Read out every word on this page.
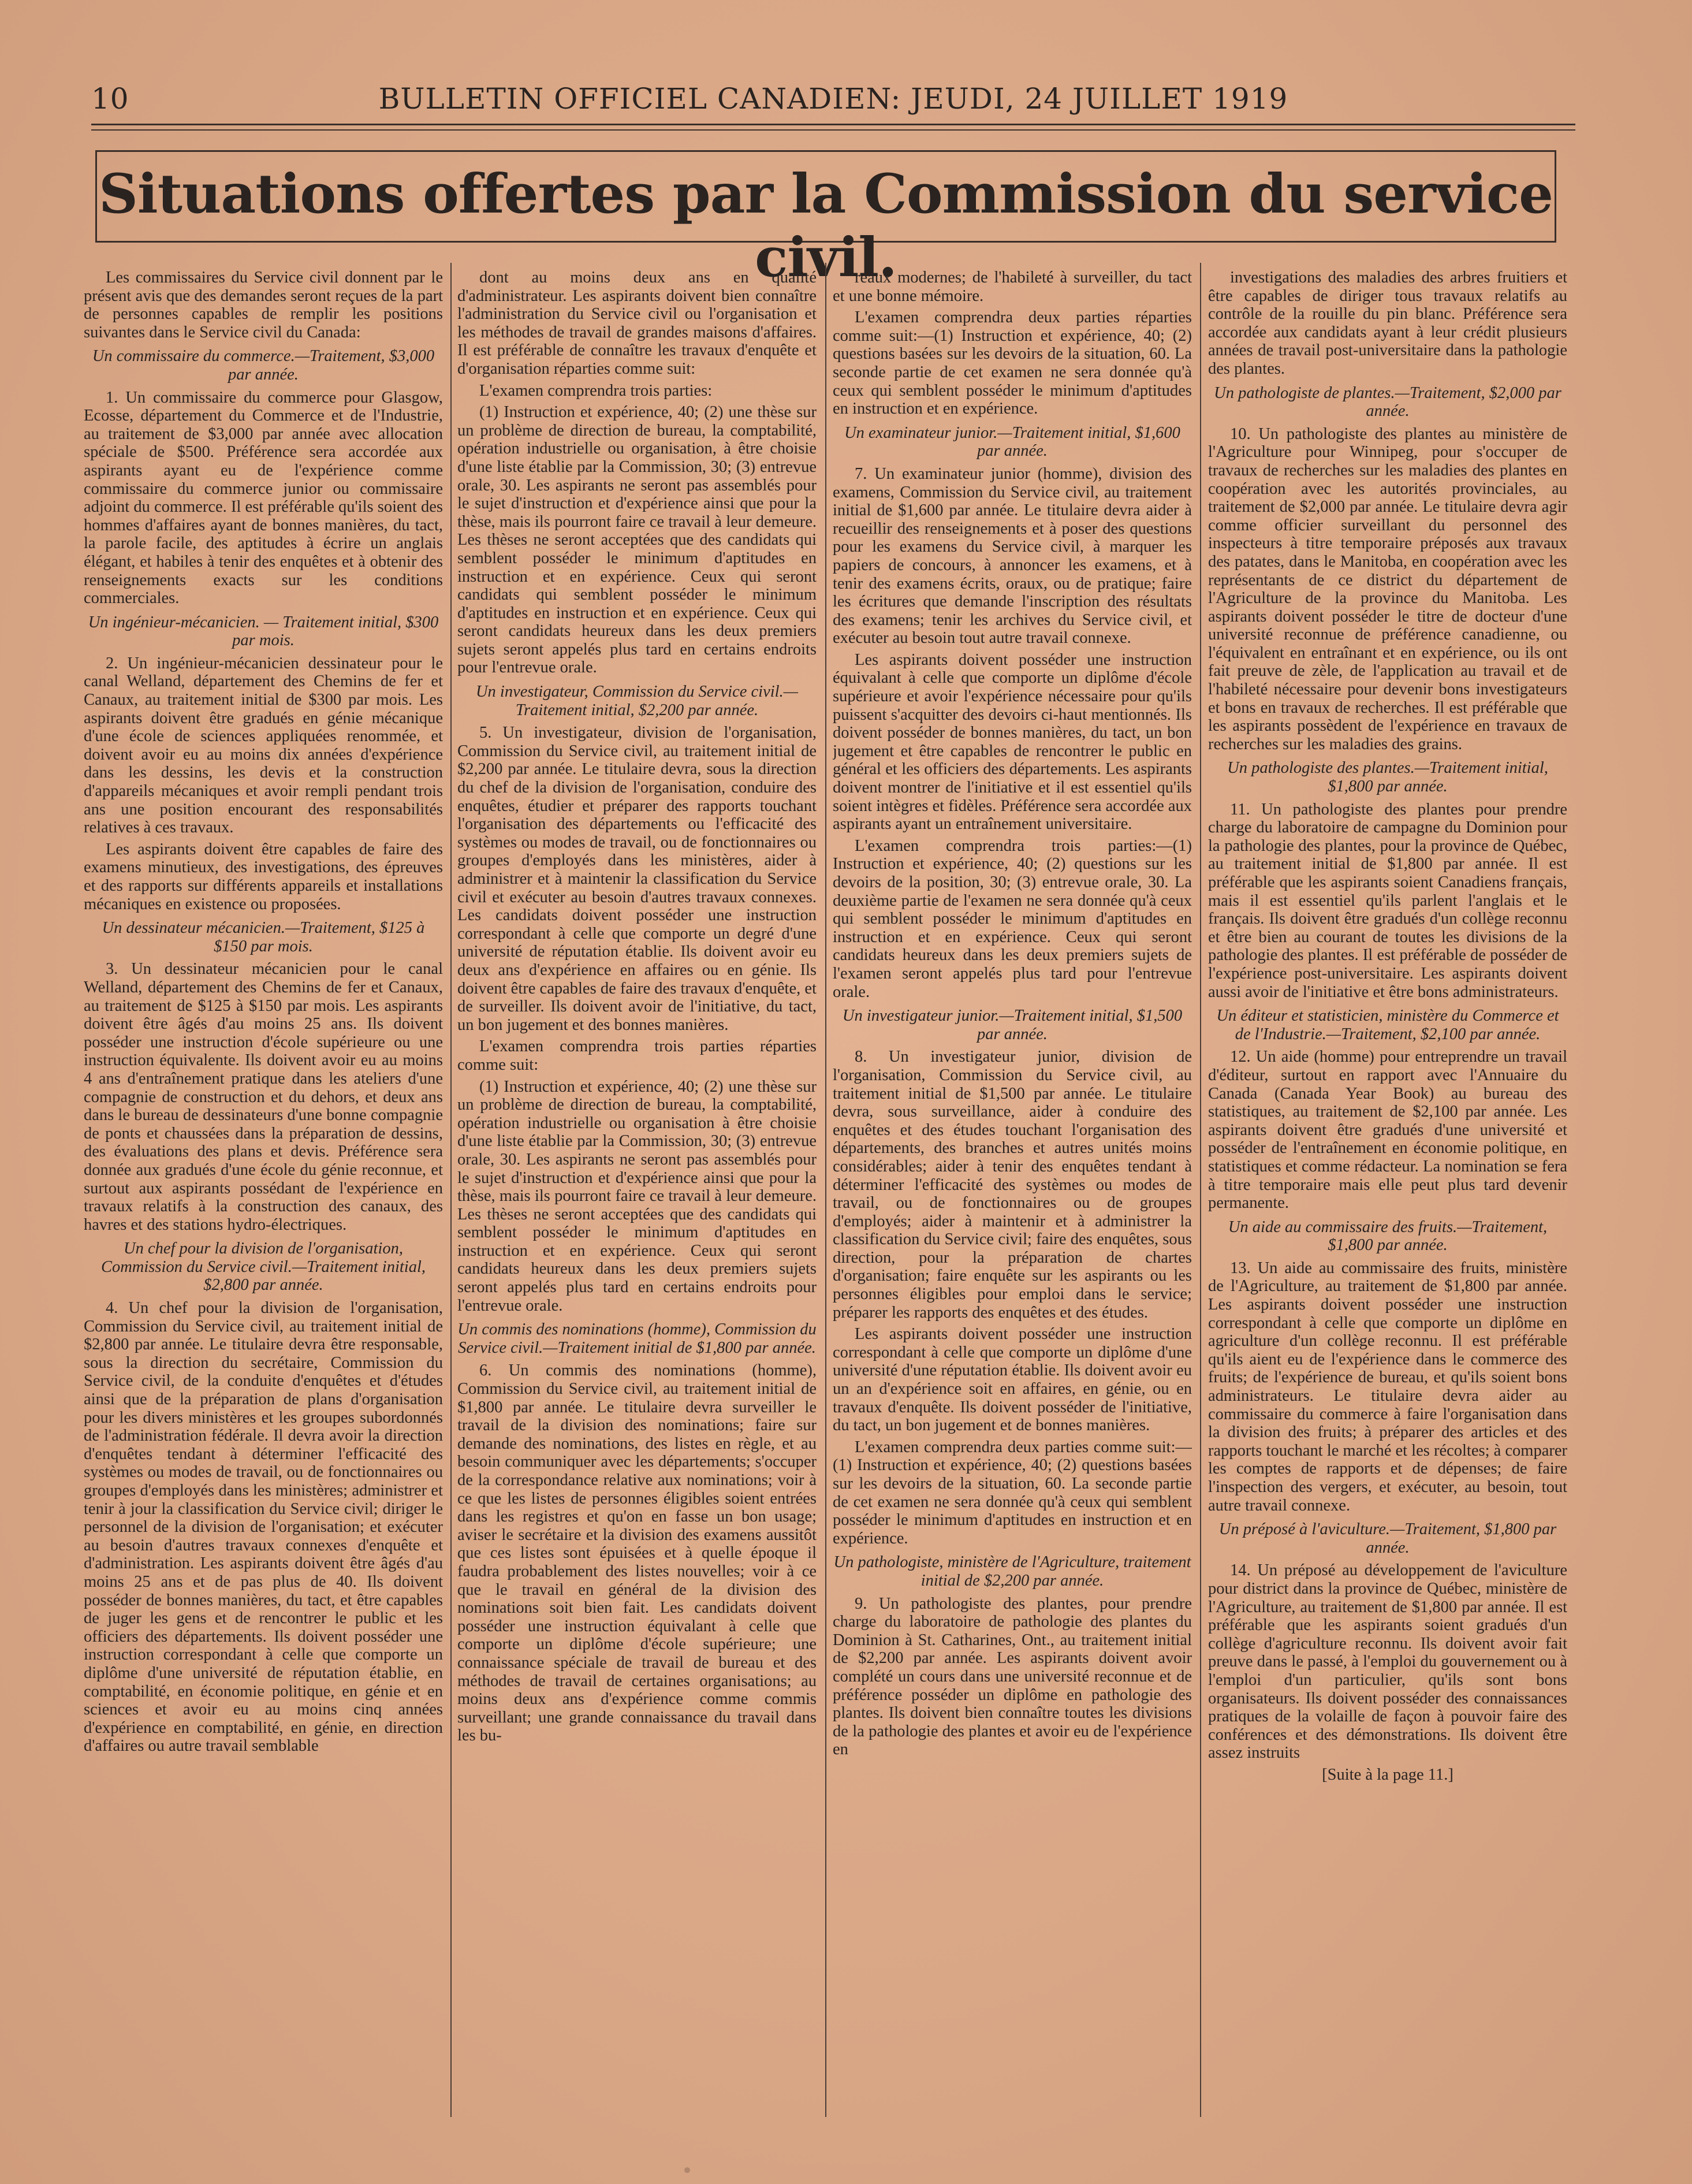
10	BULLETIN OFFICIEL CANADIEN: JEUDI, 24 JUILLET 1919
Situations offertes par la Commission du service civil.

Les commissaires du Service civil donnent par le présent avis que des demandes seront reçues de la part de personnes capables de remplir les positions suivantes dans le Service civil du Canada:

Un commissaire du commerce.—Traitement, $3,000 par année.

1. Un commissaire du commerce pour Glasgow, Ecosse, département du Commerce et de l'Industrie, au traitement de $3,000 par année avec allocation spéciale de $500. Préférence sera accordée aux aspirants ayant eu de l'expérience comme commissaire du commerce junior ou commissaire adjoint du commerce. Il est préférable qu'ils soient des hommes d'affaires ayant de bonnes manières, du tact, la parole facile, des aptitudes à écrire un anglais élégant, et habiles à tenir des enquêtes et à obtenir des renseignements exacts sur les conditions commerciales.

Un ingénieur-mécanicien. — Traitement initial, $300 par mois.

2. Un ingénieur-mécanicien dessinateur pour le canal Welland, département des Chemins de fer et Canaux, au traitement initial de $300 par mois. Les aspirants doivent être gradués en génie mécanique d'une école de sciences appliquées renommée, et doivent avoir eu au moins dix années d'expérience dans les dessins, les devis et la construction d'appareils mécaniques et avoir rempli pendant trois ans une position encourant des responsabilités relatives à ces travaux.

Les aspirants doivent être capables de faire des examens minutieux, des investigations, des épreuves et des rapports sur différents appareils et installations mécaniques en existence ou proposées.

Un dessinateur mécanicien.—Traitement, $125 à $150 par mois.

3. Un dessinateur mécanicien pour le canal Welland, département des Chemins de fer et Canaux, au traitement de $125 à $150 par mois. Les aspirants doivent être âgés d'au moins 25 ans. Ils doivent posséder une instruction d'école supérieure ou une instruction équivalente. Ils doivent avoir eu au moins 4 ans d'entraînement pratique dans les ateliers d'une compagnie de construction et du dehors, et deux ans dans le bureau de dessinateurs d'une bonne compagnie de ponts et chaussées dans la préparation de dessins, des évaluations des plans et devis. Préférence sera donnée aux gradués d'une école du génie reconnue, et surtout aux aspirants possédant de l'expérience en travaux relatifs à la construction des canaux, des havres et des stations hydro-électriques.

Un chef pour la division de l'organisation, Commission du Service civil.—Traitement initial, $2,800 par année.

4. Un chef pour la division de l'organisation, Commission du Service civil, au traitement initial de $2,800 par année. Le titulaire devra être responsable, sous la direction du secrétaire, Commission du Service civil, de la conduite d'enquêtes et d'études ainsi que de la préparation de plans d'organisation pour les divers ministères et les groupes subordonnés de l'administration fédérale. Il devra avoir la direction d'enquêtes tendant à déterminer l'efficacité des systèmes ou modes de travail, ou de fonctionnaires ou groupes d'employés dans les ministères; administrer et tenir à jour la classification du Service civil; diriger le personnel de la division de l'organisation; et exécuter au besoin d'autres travaux connexes d'enquête et d'administration. Les aspirants doivent être âgés d'au moins 25 ans et de pas plus de 40. Ils doivent posséder de bonnes manières, du tact, et être capables de juger les gens et de rencontrer le public et les officiers des départements. Ils doivent posséder une instruction correspondant à celle que comporte un diplôme d'une université de réputation établie, en comptabilité, en économie politique, en génie et en sciences et avoir eu au moins cinq années d'expérience en comptabilité, en génie, en direction d'affaires ou autre travail semblable

dont au moins deux ans en qualité d'administrateur. Les aspirants doivent bien connaître l'administration du Service civil ou l'organisation et les méthodes de travail de grandes maisons d'affaires. Il est préférable de connaître les travaux d'enquête et d'organisation réparties comme suit:

L'examen comprendra trois parties:

(1) Instruction et expérience, 40; (2) une thèse sur un problème de direction de bureau, la comptabilité, opération industrielle ou organisation, à être choisie d'une liste établie par la Commission, 30; (3) entrevue orale, 30. Les aspirants ne seront pas assemblés pour le sujet d'instruction et d'expérience ainsi que pour la thèse, mais ils pourront faire ce travail à leur demeure. Les thèses ne seront acceptées que des candidats qui semblent posséder le minimum d'aptitudes en instruction et en expérience. Ceux qui seront candidats qui semblent posséder le minimum d'aptitudes en instruction et en expérience. Ceux qui seront candidats heureux dans les deux premiers sujets seront appelés plus tard en certains endroits pour l'entrevue orale.

Un investigateur, Commission du Service civil.—Traitement initial, $2,200 par année.

5. Un investigateur, division de l'organisation, Commission du Service civil, au traitement initial de $2,200 par année. Le titulaire devra, sous la direction du chef de la division de l'organisation, conduire des enquêtes, étudier et préparer des rapports touchant l'organisation des départements ou l'efficacité des systèmes ou modes de travail, ou de fonctionnaires ou groupes d'employés dans les ministères, aider à administrer et à maintenir la classification du Service civil et exécuter au besoin d'autres travaux connexes. Les candidats doivent posséder une instruction correspondant à celle que comporte un degré d'une université de réputation établie. Ils doivent avoir eu deux ans d'expérience en affaires ou en génie. Ils doivent être capables de faire des travaux d'enquête, et de surveiller. Ils doivent avoir de l'initiative, du tact, un bon jugement et des bonnes manières.

L'examen comprendra trois parties réparties comme suit:

(1) Instruction et expérience, 40; (2) une thèse sur un problème de direction de bureau, la comptabilité, opération industrielle ou organisation à être choisie d'une liste établie par la Commission, 30; (3) entrevue orale, 30. Les aspirants ne seront pas assemblés pour le sujet d'instruction et d'expérience ainsi que pour la thèse, mais ils pourront faire ce travail à leur demeure. Les thèses ne seront acceptées que des candidats qui semblent posséder le minimum d'aptitudes en instruction et en expérience. Ceux qui seront candidats heureux dans les deux premiers sujets seront appelés plus tard en certains endroits pour l'entrevue orale.

Un commis des nominations (homme), Commission du Service civil.—Traitement initial de $1,800 par année.

6. Un commis des nominations (homme), Commission du Service civil, au traitement initial de $1,800 par année. Le titulaire devra surveiller le travail de la division des nominations; faire sur demande des nominations, des listes en règle, et au besoin communiquer avec les départements; s'occuper de la correspondance relative aux nominations; voir à ce que les listes de personnes éligibles soient entrées dans les registres et qu'on en fasse un bon usage; aviser le secrétaire et la division des examens aussitôt que ces listes sont épuisées et à quelle époque il faudra probablement des listes nouvelles; voir à ce que le travail en général de la division des nominations soit bien fait. Les candidats doivent posséder une instruction équivalant à celle que comporte un diplôme d'école supérieure; une connaissance spéciale de travail de bureau et des méthodes de travail de certaines organisations; au moins deux ans d'expérience comme commis surveillant; une grande connaissance du travail dans les bu-

reaux modernes; de l'habileté à surveiller, du tact et une bonne mémoire.

L'examen comprendra deux parties réparties comme suit:—(1) Instruction et expérience, 40; (2) questions basées sur les devoirs de la situation, 60. La seconde partie de cet examen ne sera donnée qu'à ceux qui semblent posséder le minimum d'aptitudes en instruction et en expérience.

Un examinateur junior.—Traitement initial, $1,600 par année.

7. Un examinateur junior (homme), division des examens, Commission du Service civil, au traitement initial de $1,600 par année. Le titulaire devra aider à recueillir des renseignements et à poser des questions pour les examens du Service civil, à marquer les papiers de concours, à annoncer les examens, et à tenir des examens écrits, oraux, ou de pratique; faire les écritures que demande l'inscription des résultats des examens; tenir les archives du Service civil, et exécuter au besoin tout autre travail connexe.

Les aspirants doivent posséder une instruction équivalant à celle que comporte un diplôme d'école supérieure et avoir l'expérience nécessaire pour qu'ils puissent s'acquitter des devoirs ci-haut mentionnés. Ils doivent posséder de bonnes manières, du tact, un bon jugement et être capables de rencontrer le public en général et les officiers des départements. Les aspirants doivent montrer de l'initiative et il est essentiel qu'ils soient intègres et fidèles. Préférence sera accordée aux aspirants ayant un entraînement universitaire.

L'examen comprendra trois parties:—(1) Instruction et expérience, 40; (2) questions sur les devoirs de la position, 30; (3) entrevue orale, 30. La deuxième partie de l'examen ne sera donnée qu'à ceux qui semblent posséder le minimum d'aptitudes en instruction et en expérience. Ceux qui seront candidats heureux dans les deux premiers sujets de l'examen seront appelés plus tard pour l'entrevue orale.

Un investigateur junior.—Traitement initial, $1,500 par année.

8. Un investigateur junior, division de l'organisation, Commission du Service civil, au traitement initial de $1,500 par année. Le titulaire devra, sous surveillance, aider à conduire des enquêtes et des études touchant l'organisation des départements, des branches et autres unités moins considérables; aider à tenir des enquêtes tendant à déterminer l'efficacité des systèmes ou modes de travail, ou de fonctionnaires ou de groupes d'employés; aider à maintenir et à administrer la classification du Service civil; faire des enquêtes, sous direction, pour la préparation de chartes d'organisation; faire enquête sur les aspirants ou les personnes éligibles pour emploi dans le service; préparer les rapports des enquêtes et des études.

Les aspirants doivent posséder une instruction correspondant à celle que comporte un diplôme d'une université d'une réputation établie. Ils doivent avoir eu un an d'expérience soit en affaires, en génie, ou en travaux d'enquête. Ils doivent posséder de l'initiative, du tact, un bon jugement et de bonnes manières.

L'examen comprendra deux parties comme suit:—(1) Instruction et expérience, 40; (2) questions basées sur les devoirs de la situation, 60. La seconde partie de cet examen ne sera donnée qu'à ceux qui semblent posséder le minimum d'aptitudes en instruction et en expérience.

Un pathologiste, ministère de l'Agriculture, traitement initial de $2,200 par année.

9. Un pathologiste des plantes, pour prendre charge du laboratoire de pathologie des plantes du Dominion à St. Catharines, Ont., au traitement initial de $2,200 par année. Les aspirants doivent avoir complété un cours dans une université reconnue et de préférence posséder un diplôme en pathologie des plantes. Ils doivent bien connaître toutes les divisions de la pathologie des plantes et avoir eu de l'expérience en

investigations des maladies des arbres fruitiers et être capables de diriger tous travaux relatifs au contrôle de la rouille du pin blanc. Préférence sera accordée aux candidats ayant à leur crédit plusieurs années de travail post-universitaire dans la pathologie des plantes.

Un pathologiste de plantes.—Traitement, $2,000 par année.

10. Un pathologiste des plantes au ministère de l'Agriculture pour Winnipeg, pour s'occuper de travaux de recherches sur les maladies des plantes en coopération avec les autorités provinciales, au traitement de $2,000 par année. Le titulaire devra agir comme officier surveillant du personnel des inspecteurs à titre temporaire préposés aux travaux des patates, dans le Manitoba, en coopération avec les représentants de ce district du département de l'Agriculture de la province du Manitoba. Les aspirants doivent posséder le titre de docteur d'une université reconnue de préférence canadienne, ou l'équivalent en entraînant et en expérience, ou ils ont fait preuve de zèle, de l'application au travail et de l'habileté nécessaire pour devenir bons investigateurs et bons en travaux de recherches. Il est préférable que les aspirants possèdent de l'expérience en travaux de recherches sur les maladies des grains.

Un pathologiste des plantes.—Traitement initial, $1,800 par année.

11. Un pathologiste des plantes pour prendre charge du laboratoire de campagne du Dominion pour la pathologie des plantes, pour la province de Québec, au traitement initial de $1,800 par année. Il est préférable que les aspirants soient Canadiens français, mais il est essentiel qu'ils parlent l'anglais et le français. Ils doivent être gradués d'un collège reconnu et être bien au courant de toutes les divisions de la pathologie des plantes. Il est préférable de posséder de l'expérience post-universitaire. Les aspirants doivent aussi avoir de l'initiative et être bons administrateurs.

Un éditeur et statisticien, ministère du Commerce et de l'Industrie.—Traitement, $2,100 par année.

12. Un aide (homme) pour entreprendre un travail d'éditeur, surtout en rapport avec l'Annuaire du Canada (Canada Year Book) au bureau des statistiques, au traitement de $2,100 par année. Les aspirants doivent être gradués d'une université et posséder de l'entraînement en économie politique, en statistiques et comme rédacteur. La nomination se fera à titre temporaire mais elle peut plus tard devenir permanente.

Un aide au commissaire des fruits.—Traitement, $1,800 par année.

13. Un aide au commissaire des fruits, ministère de l'Agriculture, au traitement de $1,800 par année. Les aspirants doivent posséder une instruction correspondant à celle que comporte un diplôme en agriculture d'un collège reconnu. Il est préférable qu'ils aient eu de l'expérience dans le commerce des fruits; de l'expérience de bureau, et qu'ils soient bons administrateurs. Le titulaire devra aider au commissaire du commerce à faire l'organisation dans la division des fruits; à préparer des articles et des rapports touchant le marché et les récoltes; à comparer les comptes de rapports et de dépenses; de faire l'inspection des vergers, et exécuter, au besoin, tout autre travail connexe.

Un préposé à l'aviculture.—Traitement, $1,800 par année.

14. Un préposé au développement de l'aviculture pour district dans la province de Québec, ministère de l'Agriculture, au traitement de $1,800 par année. Il est préférable que les aspirants soient gradués d'un collège d'agriculture reconnu. Ils doivent avoir fait preuve dans le passé, à l'emploi du gouvernement ou à l'emploi d'un particulier, qu'ils sont bons organisateurs. Ils doivent posséder des connaissances pratiques de la volaille de façon à pouvoir faire des conférences et des démonstrations. Ils doivent être assez instruits

[Suite à la page 11.]
